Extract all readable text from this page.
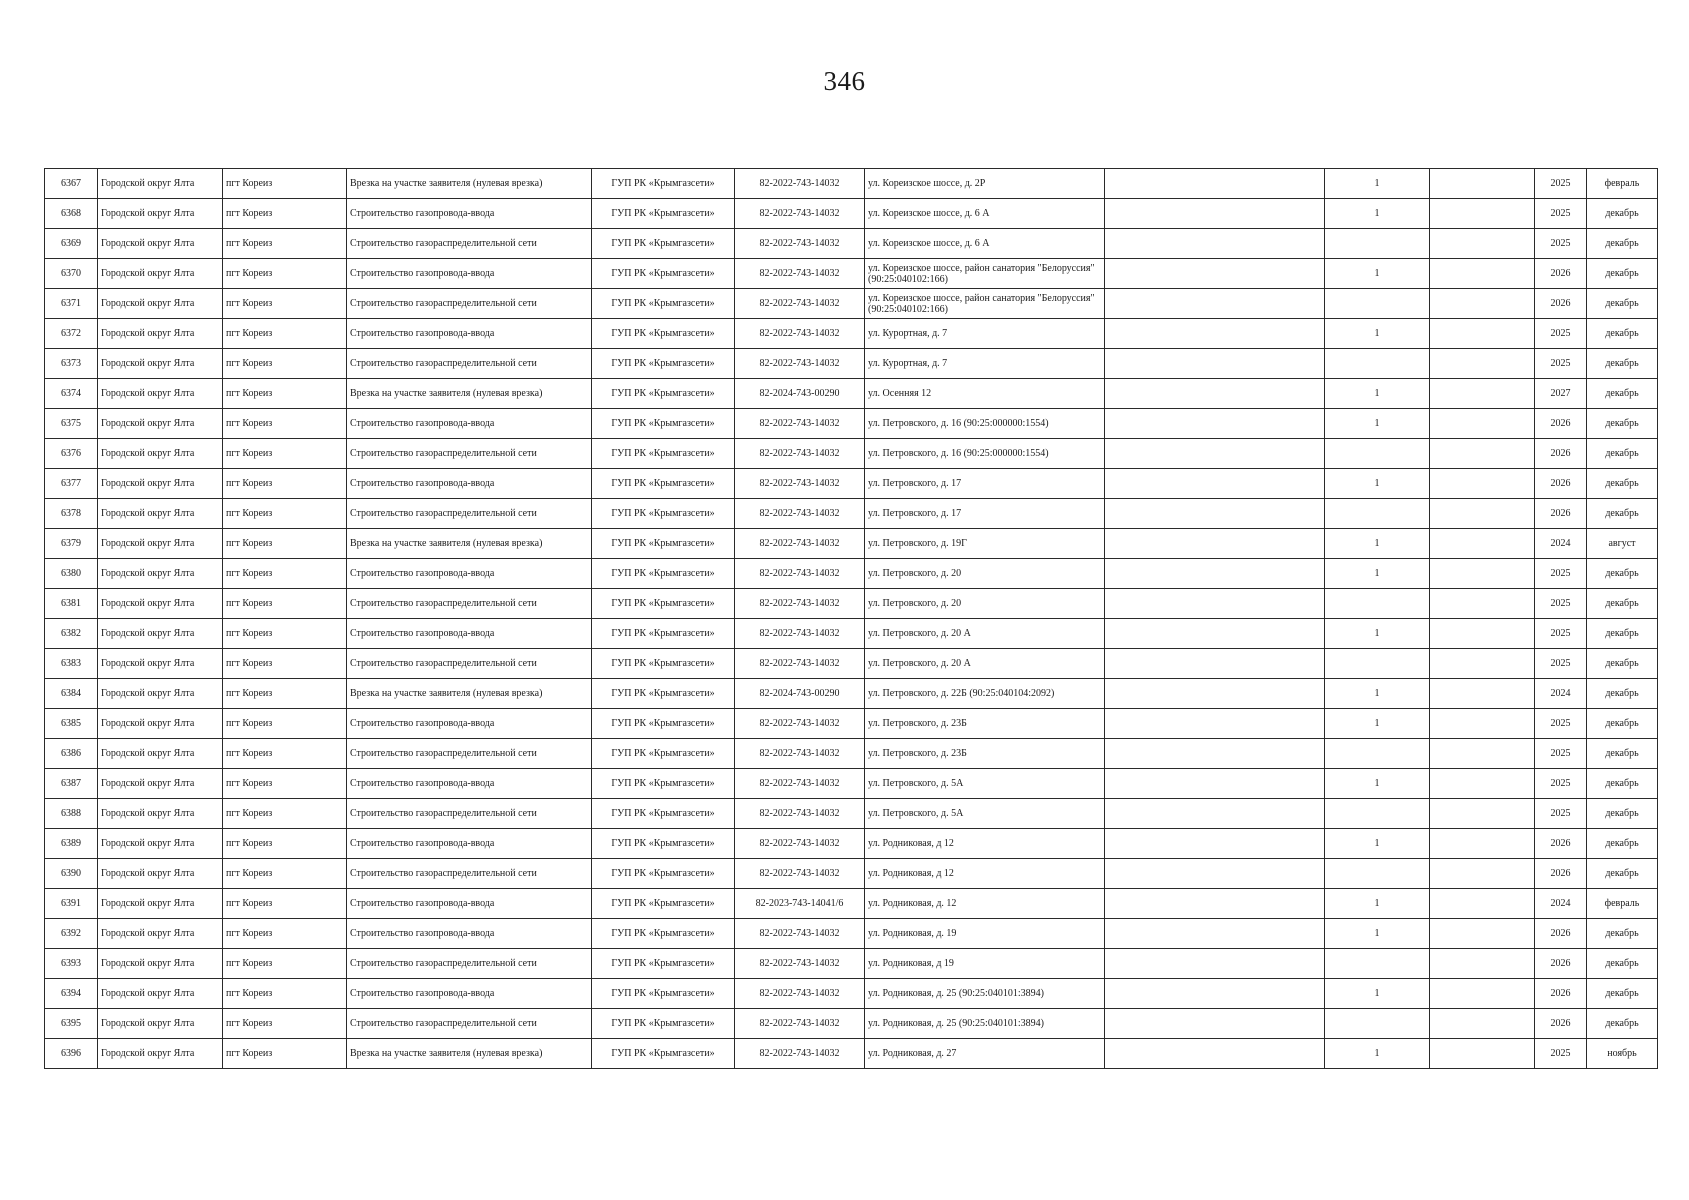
346
6367	Городской округ Ялта	пгт Кореиз	Врезка на участке заявителя (нулевая врезка)	ГУП РК «Крымгазсети»	82-2022-743-14032	ул. Кореизское шоссе, д. 2Р		1		2025	февраль
6368	Городской округ Ялта	пгт Кореиз	Строительство газопровода-ввода	ГУП РК «Крымгазсети»	82-2022-743-14032	ул. Кореизское шоссе, д. 6 А		1		2025	декабрь
6369	Городской округ Ялта	пгт Кореиз	Строительство газораспределительной сети	ГУП РК «Крымгазсети»	82-2022-743-14032	ул. Кореизское шоссе, д. 6 А				2025	декабрь
6370	Городской округ Ялта	пгт Кореиз	Строительство газопровода-ввода	ГУП РК «Крымгазсети»	82-2022-743-14032	ул. Кореизское шоссе, район санатория "Белоруссия" (90:25:040102:166)		1		2026	декабрь
6371	Городской округ Ялта	пгт Кореиз	Строительство газораспределительной сети	ГУП РК «Крымгазсети»	82-2022-743-14032	ул. Кореизское шоссе, район санатория "Белоруссия" (90:25:040102:166)				2026	декабрь
6372	Городской округ Ялта	пгт Кореиз	Строительство газопровода-ввода	ГУП РК «Крымгазсети»	82-2022-743-14032	ул. Курортная, д. 7		1		2025	декабрь
6373	Городской округ Ялта	пгт Кореиз	Строительство газораспределительной сети	ГУП РК «Крымгазсети»	82-2022-743-14032	ул. Курортная, д. 7				2025	декабрь
6374	Городской округ Ялта	пгт Кореиз	Врезка на участке заявителя (нулевая врезка)	ГУП РК «Крымгазсети»	82-2024-743-00290	ул. Осенняя 12		1		2027	декабрь
6375	Городской округ Ялта	пгт Кореиз	Строительство газопровода-ввода	ГУП РК «Крымгазсети»	82-2022-743-14032	ул. Петровского, д. 16 (90:25:000000:1554)		1		2026	декабрь
6376	Городской округ Ялта	пгт Кореиз	Строительство газораспределительной сети	ГУП РК «Крымгазсети»	82-2022-743-14032	ул. Петровского, д. 16 (90:25:000000:1554)				2026	декабрь
6377	Городской округ Ялта	пгт Кореиз	Строительство газопровода-ввода	ГУП РК «Крымгазсети»	82-2022-743-14032	ул. Петровского, д. 17		1		2026	декабрь
6378	Городской округ Ялта	пгт Кореиз	Строительство газораспределительной сети	ГУП РК «Крымгазсети»	82-2022-743-14032	ул. Петровского, д. 17				2026	декабрь
6379	Городской округ Ялта	пгт Кореиз	Врезка на участке заявителя (нулевая врезка)	ГУП РК «Крымгазсети»	82-2022-743-14032	ул. Петровского, д. 19Г		1		2024	август
6380	Городской округ Ялта	пгт Кореиз	Строительство газопровода-ввода	ГУП РК «Крымгазсети»	82-2022-743-14032	ул. Петровского, д. 20		1		2025	декабрь
6381	Городской округ Ялта	пгт Кореиз	Строительство газораспределительной сети	ГУП РК «Крымгазсети»	82-2022-743-14032	ул. Петровского, д. 20				2025	декабрь
6382	Городской округ Ялта	пгт Кореиз	Строительство газопровода-ввода	ГУП РК «Крымгазсети»	82-2022-743-14032	ул. Петровского, д. 20 А		1		2025	декабрь
6383	Городской округ Ялта	пгт Кореиз	Строительство газораспределительной сети	ГУП РК «Крымгазсети»	82-2022-743-14032	ул. Петровского, д. 20 А				2025	декабрь
6384	Городской округ Ялта	пгт Кореиз	Врезка на участке заявителя (нулевая врезка)	ГУП РК «Крымгазсети»	82-2024-743-00290	ул. Петровского, д. 22Б (90:25:040104:2092)		1		2024	декабрь
6385	Городской округ Ялта	пгт Кореиз	Строительство газопровода-ввода	ГУП РК «Крымгазсети»	82-2022-743-14032	ул. Петровского, д. 23Б		1		2025	декабрь
6386	Городской округ Ялта	пгт Кореиз	Строительство газораспределительной сети	ГУП РК «Крымгазсети»	82-2022-743-14032	ул. Петровского, д. 23Б				2025	декабрь
6387	Городской округ Ялта	пгт Кореиз	Строительство газопровода-ввода	ГУП РК «Крымгазсети»	82-2022-743-14032	ул. Петровского, д. 5А		1		2025	декабрь
6388	Городской округ Ялта	пгт Кореиз	Строительство газораспределительной сети	ГУП РК «Крымгазсети»	82-2022-743-14032	ул. Петровского, д. 5А				2025	декабрь
6389	Городской округ Ялта	пгт Кореиз	Строительство газопровода-ввода	ГУП РК «Крымгазсети»	82-2022-743-14032	ул. Родниковая, д 12		1		2026	декабрь
6390	Городской округ Ялта	пгт Кореиз	Строительство газораспределительной сети	ГУП РК «Крымгазсети»	82-2022-743-14032	ул. Родниковая, д 12				2026	декабрь
6391	Городской округ Ялта	пгт Кореиз	Строительство газопровода-ввода	ГУП РК «Крымгазсети»	82-2023-743-14041/6	ул. Родниковая, д. 12		1		2024	февраль
6392	Городской округ Ялта	пгт Кореиз	Строительство газопровода-ввода	ГУП РК «Крымгазсети»	82-2022-743-14032	ул. Родниковая, д. 19		1		2026	декабрь
6393	Городской округ Ялта	пгт Кореиз	Строительство газораспределительной сети	ГУП РК «Крымгазсети»	82-2022-743-14032	ул. Родниковая, д 19				2026	декабрь
6394	Городской округ Ялта	пгт Кореиз	Строительство газопровода-ввода	ГУП РК «Крымгазсети»	82-2022-743-14032	ул. Родниковая, д. 25 (90:25:040101:3894)		1		2026	декабрь
6395	Городской округ Ялта	пгт Кореиз	Строительство газораспределительной сети	ГУП РК «Крымгазсети»	82-2022-743-14032	ул. Родниковая, д. 25 (90:25:040101:3894)				2026	декабрь
6396	Городской округ Ялта	пгт Кореиз	Врезка на участке заявителя (нулевая врезка)	ГУП РК «Крымгазсети»	82-2022-743-14032	ул. Родниковая, д. 27		1		2025	ноябрь
